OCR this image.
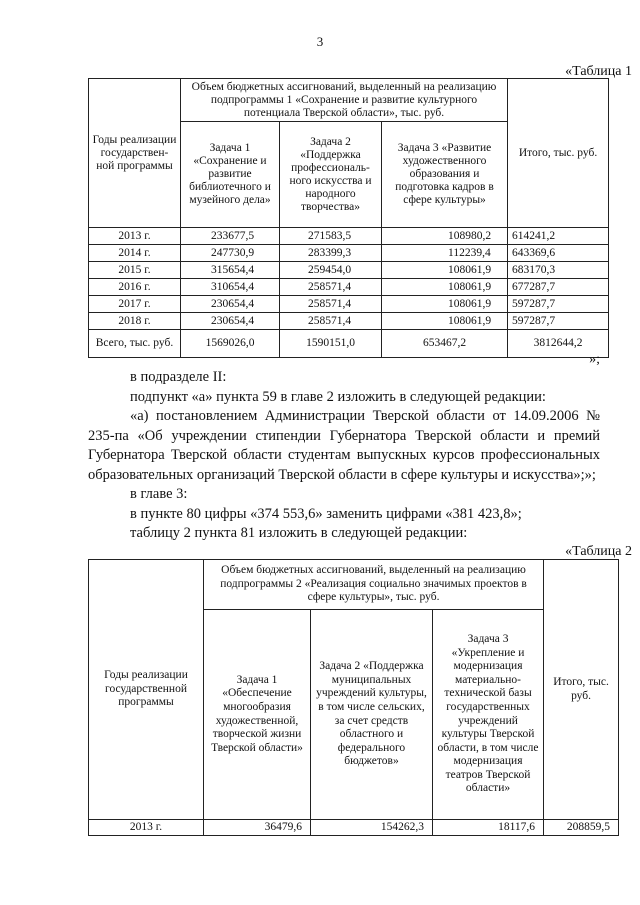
3
«Таблица 1
Годы реализации государствен-ной программы	Объем бюджетных ассигнований, выделенный на реализацию подпрограммы 1 «Сохранение и развитие культурного потенциала Тверской области», тыс. руб.			Итого, тыс. руб.
	Задача 1 «Сохранение и развитие библиотечного и музейного дела»	Задача 2 «Поддержка профессиональ-ного искусства и народного творчества»	Задача 3 «Развитие художественного образования и подготовка кадров в сфере культуры»	
2013 г.	233677,5	271583,5	108980,2	614241,2
2014 г.	247730,9	283399,3	112239,4	643369,6
2015 г.	315654,4	259454,0	108061,9	683170,3
2016 г.	310654,4	258571,4	108061,9	677287,7
2017 г.	230654,4	258571,4	108061,9	597287,7
2018 г.	230654,4	258571,4	108061,9	597287,7
Всего, тыс. руб.	1569026,0	1590151,0	653467,2	3812644,2
»;

в подразделе II:

подпункт «а» пункта 59 в главе 2 изложить в следующей редакции:

«а) постановлением Администрации Тверской области от 14.09.2006 № 235-па «Об учреждении стипендии Губернатора Тверской области и премий Губернатора Тверской области студентам выпускных курсов профессиональных образовательных организаций Тверской области в сфере культуры и искусства»;»;

в главе 3:

в пункте 80 цифры «374 553,6» заменить цифрами «381 423,8»;

таблицу 2 пункта 81 изложить в следующей редакции:

«Таблица 2
Годы реализации государственной программы	Объем бюджетных ассигнований, выделенный на реализацию подпрограммы 2 «Реализация социально значимых проектов в сфере культуры», тыс. руб.			Итого, тыс. руб.
	Задача 1 «Обеспечение многообразия художественной, творческой жизни Тверской области»	Задача 2 «Поддержка муниципальных учреждений культуры, в том числе сельских, за счет средств областного и федерального бюджетов»	Задача 3 «Укрепление и модернизация материально-технической базы государственных учреждений культуры Тверской области, в том числе модернизация театров Тверской области»	
2013 г.	36479,6	154262,3	18117,6	208859,5
